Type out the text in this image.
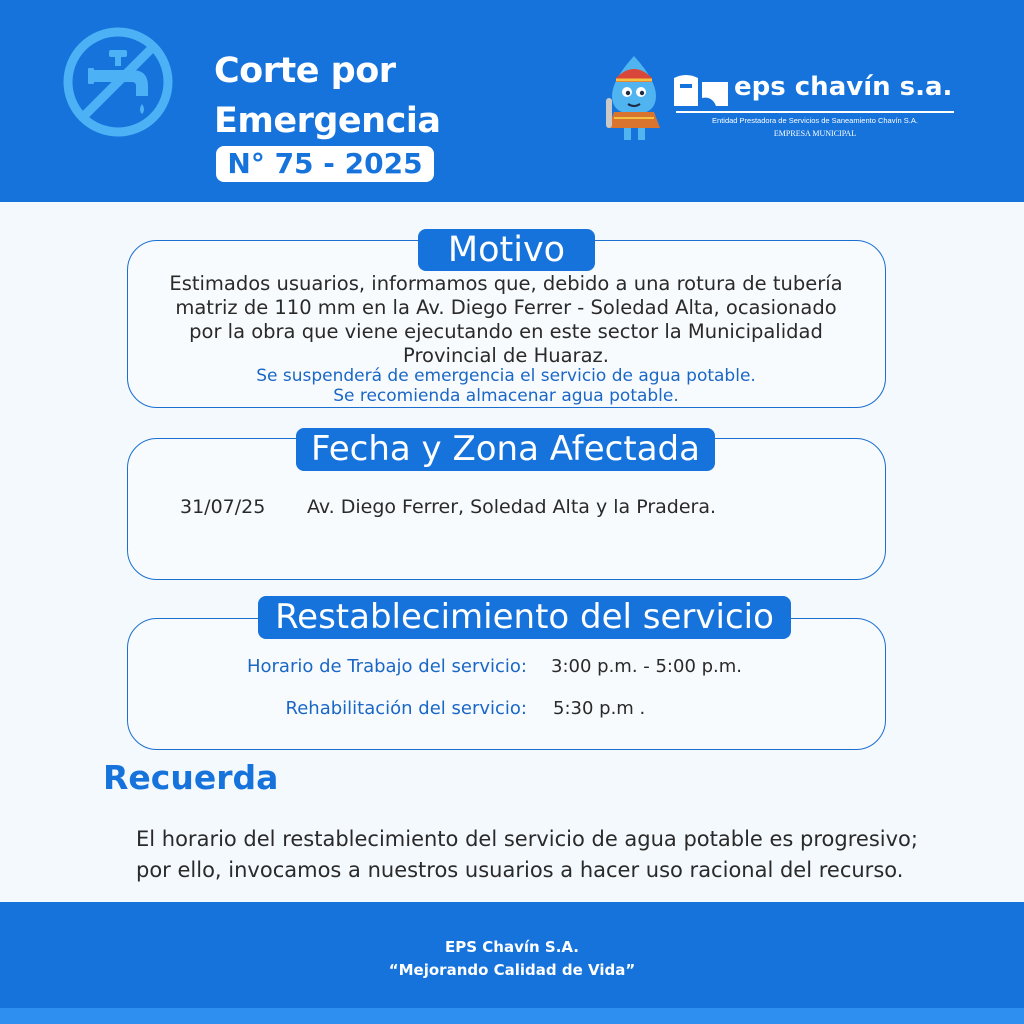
Corte por
Emergencia
N° 75 - 2025
eps chavín s.a.
Entidad Prestadora de Servicios de Saneamiento Chavín S.A.
EMPRESA MUNICIPAL
Motivo
Estimados usuarios, informamos que, debido a una rotura de tubería
matriz de 110 mm en la Av. Diego Ferrer - Soledad Alta, ocasionado
por la obra que viene ejecutando en este sector la Municipalidad
Provincial de Huaraz.
Se suspenderá de emergencia el servicio de agua potable.
Se recomienda almacenar agua potable.
Fecha y Zona Afectada
31/07/25 Av. Diego Ferrer, Soledad Alta y la Pradera.
Restablecimiento del servicio
Horario de Trabajo del servicio: 3:00 p.m. - 5:00 p.m.
Rehabilitación del servicio: 5:30 p.m .
Recuerda
El horario del restablecimiento del servicio de agua potable es progresivo;
por ello, invocamos a nuestros usuarios a hacer uso racional del recurso.
EPS Chavín S.A.
“Mejorando Calidad de Vida”
